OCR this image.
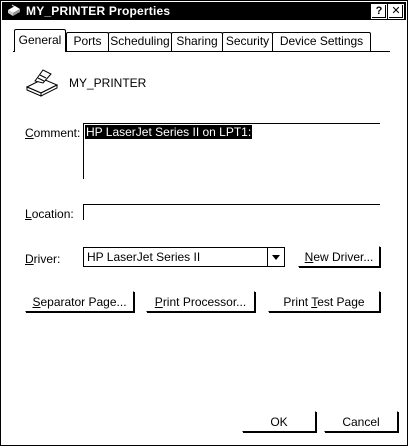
MY_PRINTER Properties	? ✕
General	Ports Scheduling Sharing Security Device Settings
MY_PRINTER
Comment: HP LaserJet Series II on LPT1:
Location:
Driver: HP LaserJet Series II	New Driver...
Separator Page...	Print Processor...	Print Test Page
OK	Cancel
